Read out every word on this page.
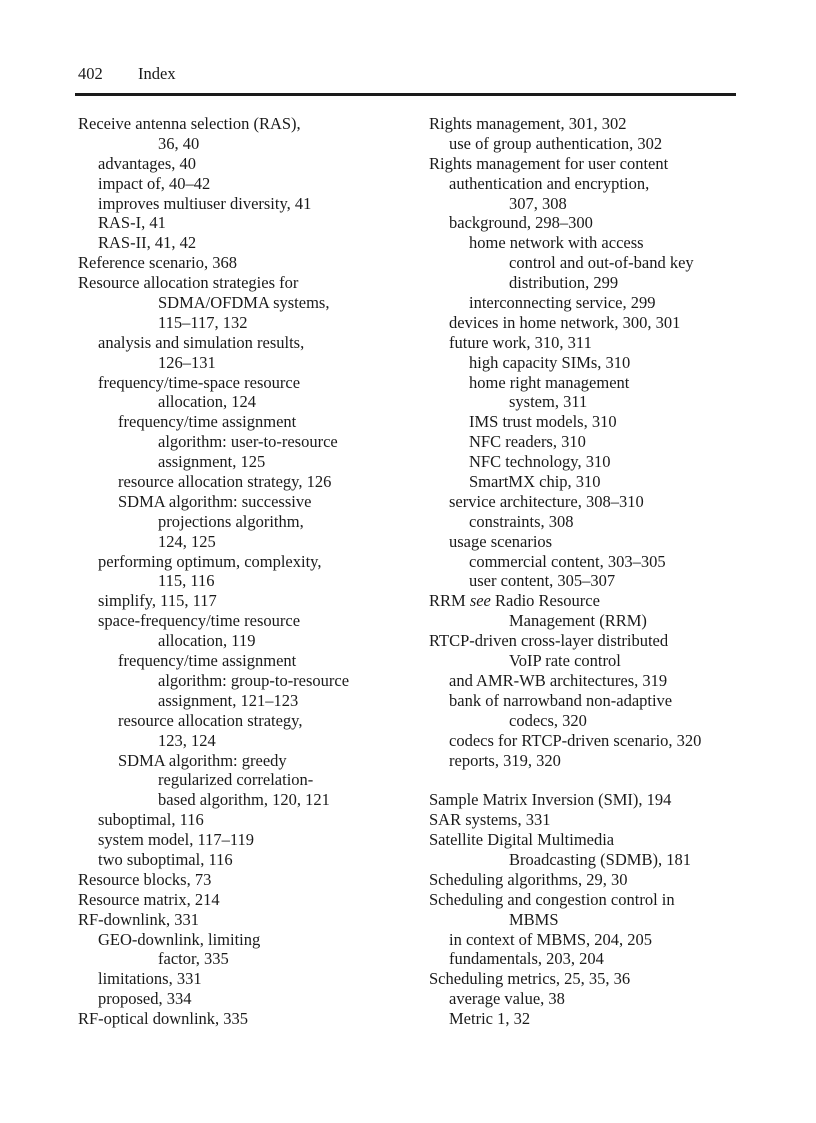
402 Index
Receive antenna selection (RAS),
36, 40
advantages, 40
impact of, 40–42
improves multiuser diversity, 41
RAS-I, 41
RAS-II, 41, 42
Reference scenario, 368
Resource allocation strategies for
SDMA/OFDMA systems,
115–117, 132
analysis and simulation results,
126–131
frequency/time-space resource
allocation, 124
frequency/time assignment
algorithm: user-to-resource
assignment, 125
resource allocation strategy, 126
SDMA algorithm: successive
projections algorithm,
124, 125
performing optimum, complexity,
115, 116
simplify, 115, 117
space-frequency/time resource
allocation, 119
frequency/time assignment
algorithm: group-to-resource
assignment, 121–123
resource allocation strategy,
123, 124
SDMA algorithm: greedy
regularized correlation-
based algorithm, 120, 121
suboptimal, 116
system model, 117–119
two suboptimal, 116
Resource blocks, 73
Resource matrix, 214
RF-downlink, 331
GEO-downlink, limiting
factor, 335
limitations, 331
proposed, 334
RF-optical downlink, 335
Rights management, 301, 302
use of group authentication, 302
Rights management for user content
authentication and encryption,
307, 308
background, 298–300
home network with access
control and out-of-band key
distribution, 299
interconnecting service, 299
devices in home network, 300, 301
future work, 310, 311
high capacity SIMs, 310
home right management
system, 311
IMS trust models, 310
NFC readers, 310
NFC technology, 310
SmartMX chip, 310
service architecture, 308–310
constraints, 308
usage scenarios
commercial content, 303–305
user content, 305–307
RRM see Radio Resource
Management (RRM)
RTCP-driven cross-layer distributed
VoIP rate control
and AMR-WB architectures, 319
bank of narrowband non-adaptive
codecs, 320
codecs for RTCP-driven scenario, 320
reports, 319, 320
Sample Matrix Inversion (SMI), 194
SAR systems, 331
Satellite Digital Multimedia
Broadcasting (SDMB), 181
Scheduling algorithms, 29, 30
Scheduling and congestion control in
MBMS
in context of MBMS, 204, 205
fundamentals, 203, 204
Scheduling metrics, 25, 35, 36
average value, 38
Metric 1, 32
